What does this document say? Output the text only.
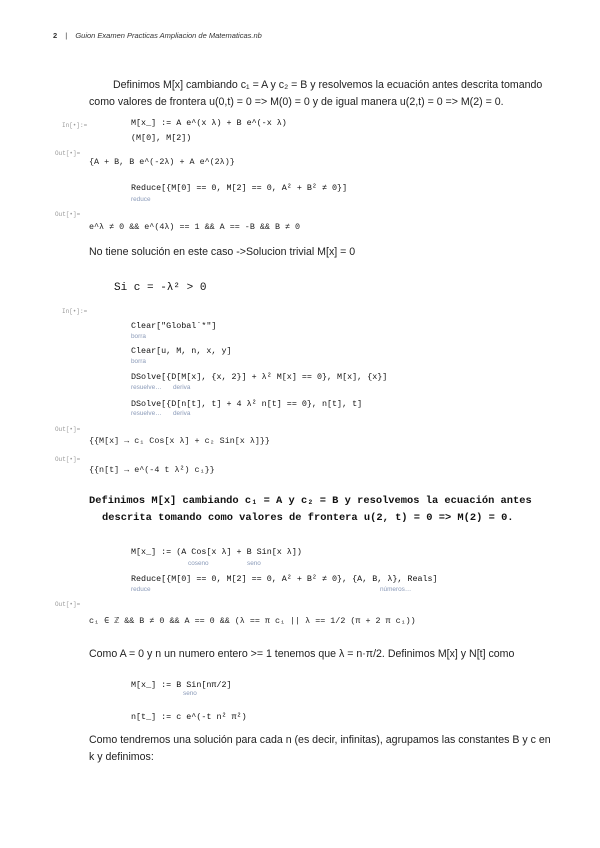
2 | Guion Examen Practicas Ampliacion de Matematicas.nb
Definimos M[x] cambiando c₁ = A y c₂ = B y resolvemos la ecuación antes descrita tomando
como valores de frontera u(0,t) = 0 => M(0) = 0 y de igual manera u(2,t) = 0 => M(2) = 0.
In[•]:=	M[x_] := A e^(x λ) + B e^(-x λ)
(M[0], M[2])
Out[•]=
{A + B, B e^(-2λ) + A e^(2λ)}
Reduce[{M[0] == 0, M[2] == 0, A² + B² ≠ 0}]
reduce
Out[•]=
e^λ ≠ 0 && e^(4λ) == 1 && A == -B && B ≠ 0
No tiene solución en este caso ->Solucion trivial M[x] = 0
Si c = -λ² > 0
In[•]:=
Clear["Global`*"]
borra
Clear[u, M, n, x, y]
borra
DSolve[{D[M[x], {x, 2}] + λ² M[x] == 0}, M[x], {x}]
resuelve… deriva
DSolve[{D[n[t], t] + 4 λ² n[t] == 0}, n[t], t]
resuelve… deriva
Out[•]=
{{M[x] → c₁ Cos[x λ] + c₂ Sin[x λ]}}
Out[•]=
{{n[t] → e^(-4 t λ²) c₁}}
Definimos M[x] cambiando c₁ = A y c₂ = B y resolvemos la ecuación antes
descrita tomando como valores de frontera u(2, t) = 0 => M(2) = 0.
M[x_] := (A Cos[x λ] + B Sin[x λ])
coseno	seno
Reduce[{M[0] == 0, M[2] == 0, A² + B² ≠ 0}, {A, B, λ}, Reals]
reduce	números…
Out[•]=
c₁ ∈ ℤ && B ≠ 0 && A == 0 && (λ == π c₁ || λ == 1/2 (π + 2 π c₁))
Como A = 0 y n un numero entero >= 1 tenemos que λ = n·π/2. Definimos M[x] y N[t] como
M[x_] := B Sin[nπ/2]
seno
n[t_] := c e^(-t n² π²)
Como tendremos una solución para cada n (es decir, infinitas), agrupamos las constantes B y c en
k y definimos:
